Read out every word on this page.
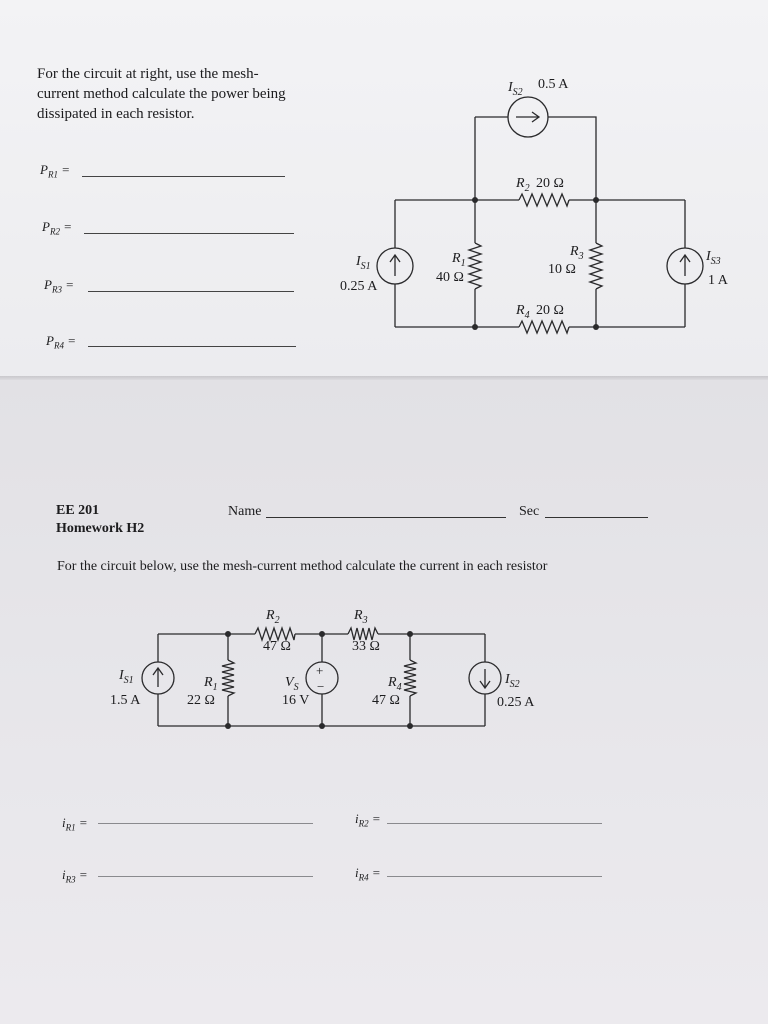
For the circuit at right, use the mesh-
current method calculate the power being
dissipated in each resistor.
$P_{R1}$ =
$P_{R2}$ =
$P_{R3}$ =
$P_{R4}$ =
$I_{S2}$
0.5 A
$R_2$ 20 Ω
$I_{S1}$
0.25 A
$R_1$
40 Ω
$R_3$
10 Ω
$I_{S3}$
1 A
$R_4$ 20 Ω
EE 201
Homework H2
Name	Sec
For the circuit below, use the mesh-current method calculate the current in each resistor
+
−
$R_2$
47 Ω
$R_3$
33 Ω
$I_{S1}$
1.5 A
$R_1$
22 Ω
$V_S$
16 V
$R_4$
47 Ω
$I_{S2}$
0.25 A
$i_{R1}$ =	$i_{R2}$ =
$i_{R3}$ =	$i_{R4}$ =
